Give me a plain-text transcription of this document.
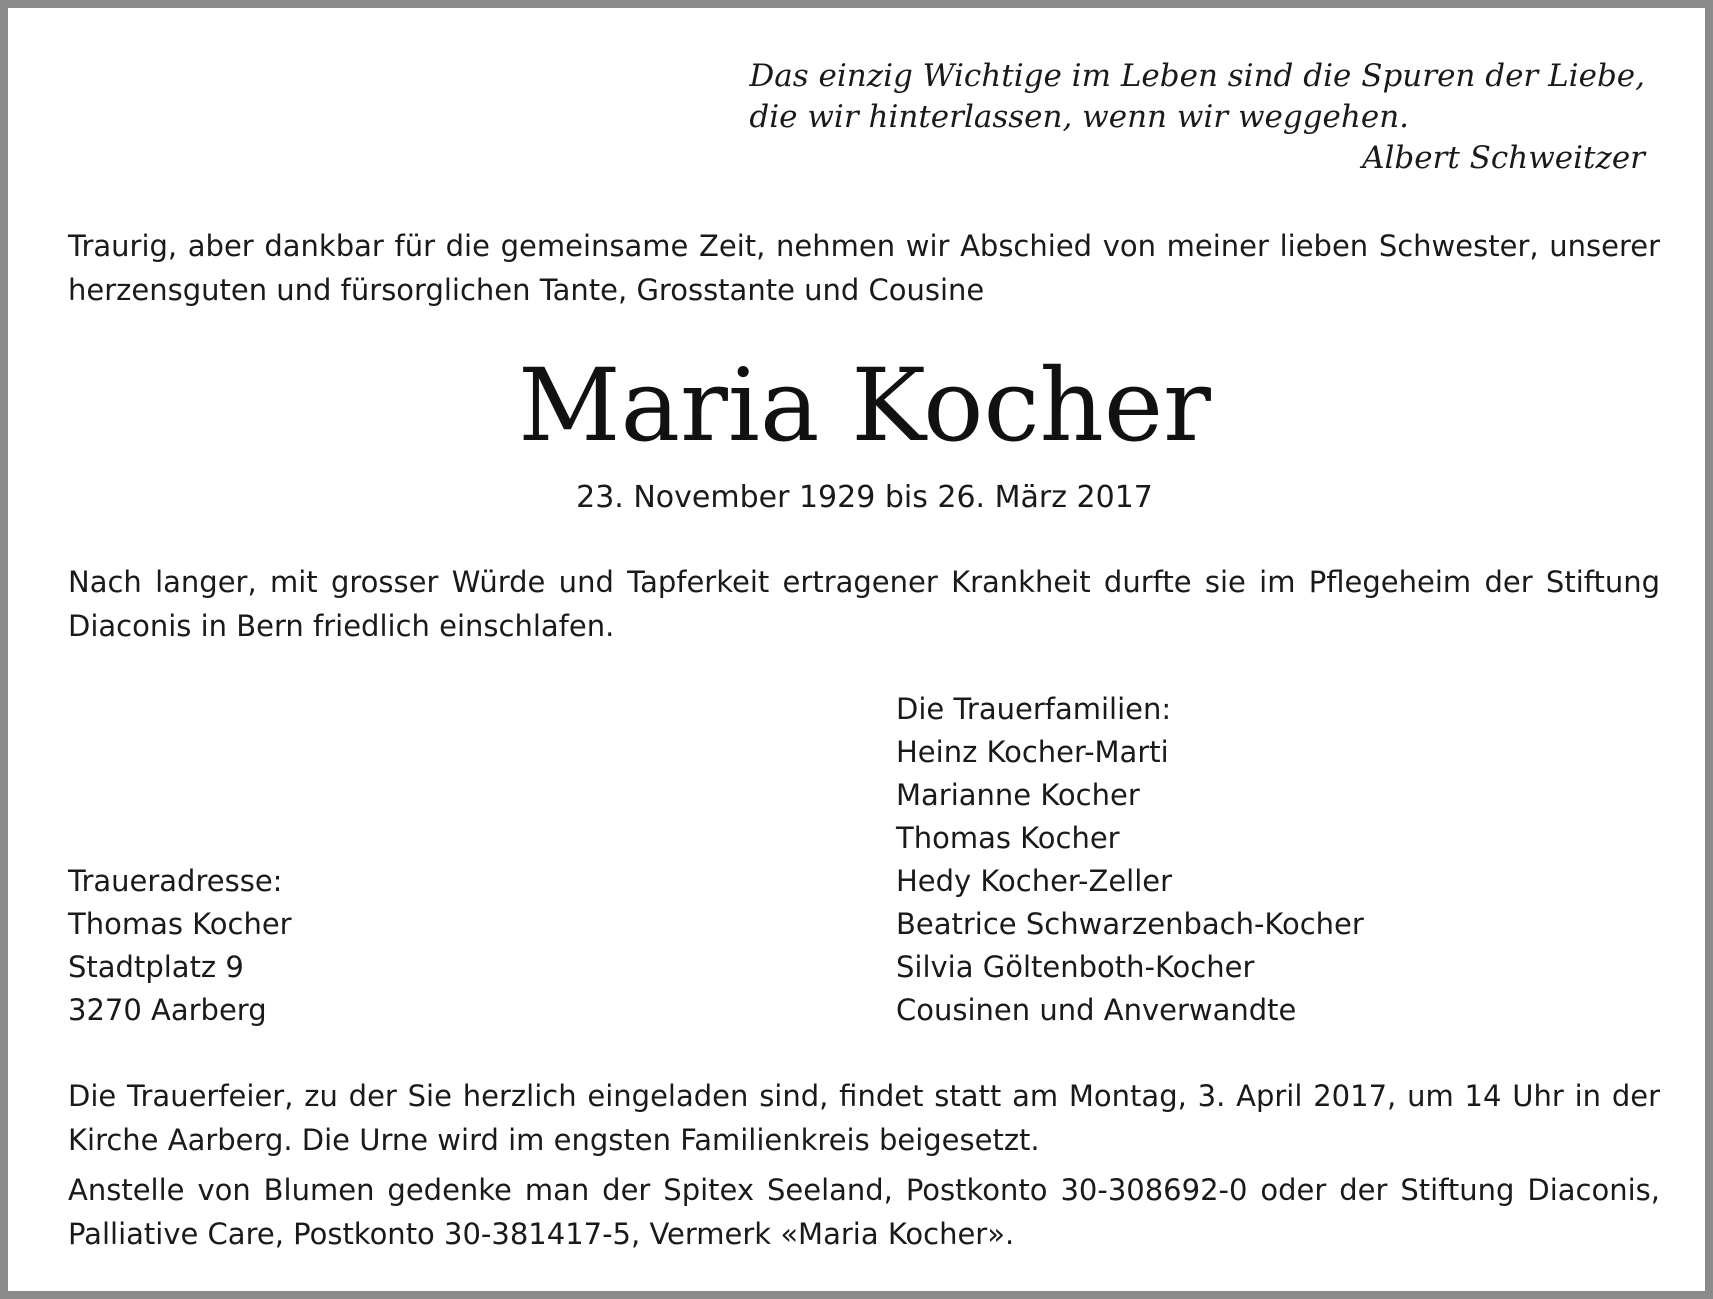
Das einzig Wichtige im Leben sind die Spuren der Liebe,
die wir hinterlassen, wenn wir weggehen.
Albert Schweitzer
Traurig, aber dankbar für die gemeinsame Zeit, nehmen wir Abschied von meiner lieben Schwester, unserer herzensguten und fürsorglichen Tante, Grosstante und Cousine
Maria Kocher
23. November 1929 bis 26. März 2017
Nach langer, mit grosser Würde und Tapferkeit ertragener Krankheit durfte sie im Pflegeheim der Stiftung Diaconis in Bern friedlich einschlafen.
Die Trauerfamilien:
Heinz Kocher-Marti
Marianne Kocher
Thomas Kocher
Hedy Kocher-Zeller
Beatrice Schwarzenbach-Kocher
Silvia Göltenboth-Kocher
Cousinen und Anverwandte
Traueradresse:
Thomas Kocher
Stadtplatz 9
3270 Aarberg
Die Trauerfeier, zu der Sie herzlich eingeladen sind, findet statt am Montag, 3. April 2017, um 14 Uhr in der Kirche Aarberg. Die Urne wird im engsten Familienkreis beigesetzt.
Anstelle von Blumen gedenke man der Spitex Seeland, Postkonto 30-308692-0 oder der Stiftung Diaconis, Palliative Care, Postkonto 30-381417-5, Vermerk «Maria Kocher».
